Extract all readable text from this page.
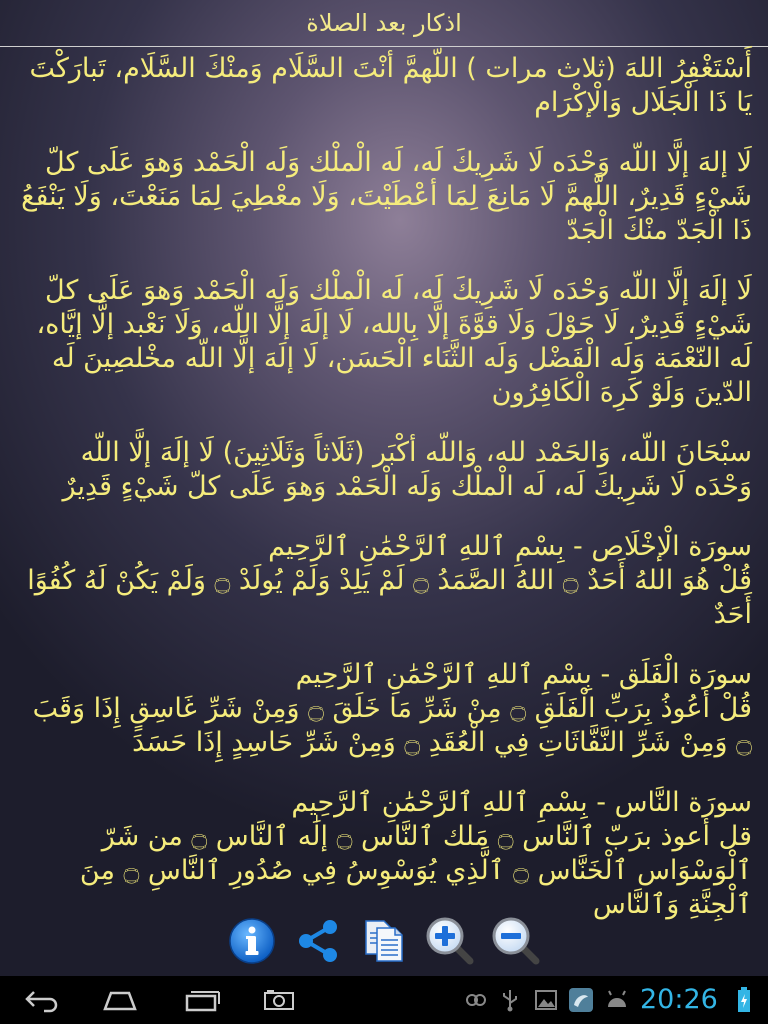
اذكار بعد الصلاة

أَسْتَغْفِرُ اللهَ (ثلاث مرات ) اللّهمَّ أنْتَ السَّلَام وَمنْكَ السَّلَام، تَبارَكْتَ يَا ذَا الْجَلَال وَالْإكْرَام

لَا إلهَ إلَّا اللّه وَحْدَه لَا شَرِيكَ لَه، لَه الْملْك وَلَه الْحَمْد وَهوَ عَلَى كلّ شَيْءٍ قَدِيرٌ، اللَّهمَّ لَا مَانِعَ لِمَا أعْطَيْتَ، وَلَا معْطِيَ لِمَا مَنَعْتَ، وَلَا يَنْفَعُ ذَا الْجَدّ منْكَ الْجَدّ

لَا إلَهَ إلَّا اللّه وَحْدَه لَا شَرِيكَ لَه، لَه الْملْك وَلَه الْحَمْد وَهوَ عَلَى كلّ شَيْءٍ قَدِيرٌ، لَا حَوْلَ وَلَا قوَّةَ إلَّا بِالله، لَا إلَهَ إلَّا اللّه، وَلَا نَعْبد إلَّا إيَّاه، لَه النّعْمَة وَلَه الْفَضْل وَلَه الثَّنَاء الْحَسَن، لَا إلَهَ إلَّا اللّه مخْلصِينَ لَه الدّينَ وَلَوْ كَرِهَ الْكَافِرُون

سبْحَانَ اللّه، وَالحَمْد لله، وَاللّه أكْبَر (ثَلَاثاً وَثَلَاثِينَ) لَا إلَهَ إلَّا اللّه وَحْدَه لَا شَرِيكَ لَه، لَه الْملْك وَلَه الْحَمْد وَهوَ عَلَى كلّ شَيْءٍ قَدِيرٌ

سورَة الْإخْلَاص - بِسْمِ ٱللهِ ٱلرَّحْمَٰنِ ٱلرَّحِيم
قُلْ هُوَ اللهُ أَحَدٌ ۝ اللهُ الصَّمَدُ ۝ لَمْ يَلِدْ وَلَمْ يُولَدْ ۝ وَلَمْ يَكُنْ لَهُ كُفُوًا أَحَدٌ

سورَة الْفَلَق - بِسْمِ ٱللهِ ٱلرَّحْمَٰنِ ٱلرَّحِيم
قُلْ أَعُوذُ بِرَبِّ الْفَلَقِ ۝ مِنْ شَرِّ مَا خَلَقَ ۝ وَمِنْ شَرِّ غَاسِقٍ إِذَا وَقَبَ ۝ وَمِنْ شَرِّ النَّفَّاثَاتِ فِي الْعُقَدِ ۝ وَمِنْ شَرِّ حَاسِدٍ إِذَا حَسَدَ

سورَة النَّاس - بِسْمِ ٱللهِ ٱلرَّحْمَٰنِ ٱلرَّحِيم
قل أعوذ برَبّ ٱلنَّاس ۝ مَلك ٱلنَّاس ۝ إلَٰه ٱلنَّاس ۝ من شَرّ ٱلْوَسْوَاس ٱلْخَنَّاس ۝ ٱلَّذِي يُوَسْوِسُ فِي صُدُورِ ٱلنَّاسِ ۝ مِنَ ٱلْجِنَّةِ وَٱلنَّاس

20:26
